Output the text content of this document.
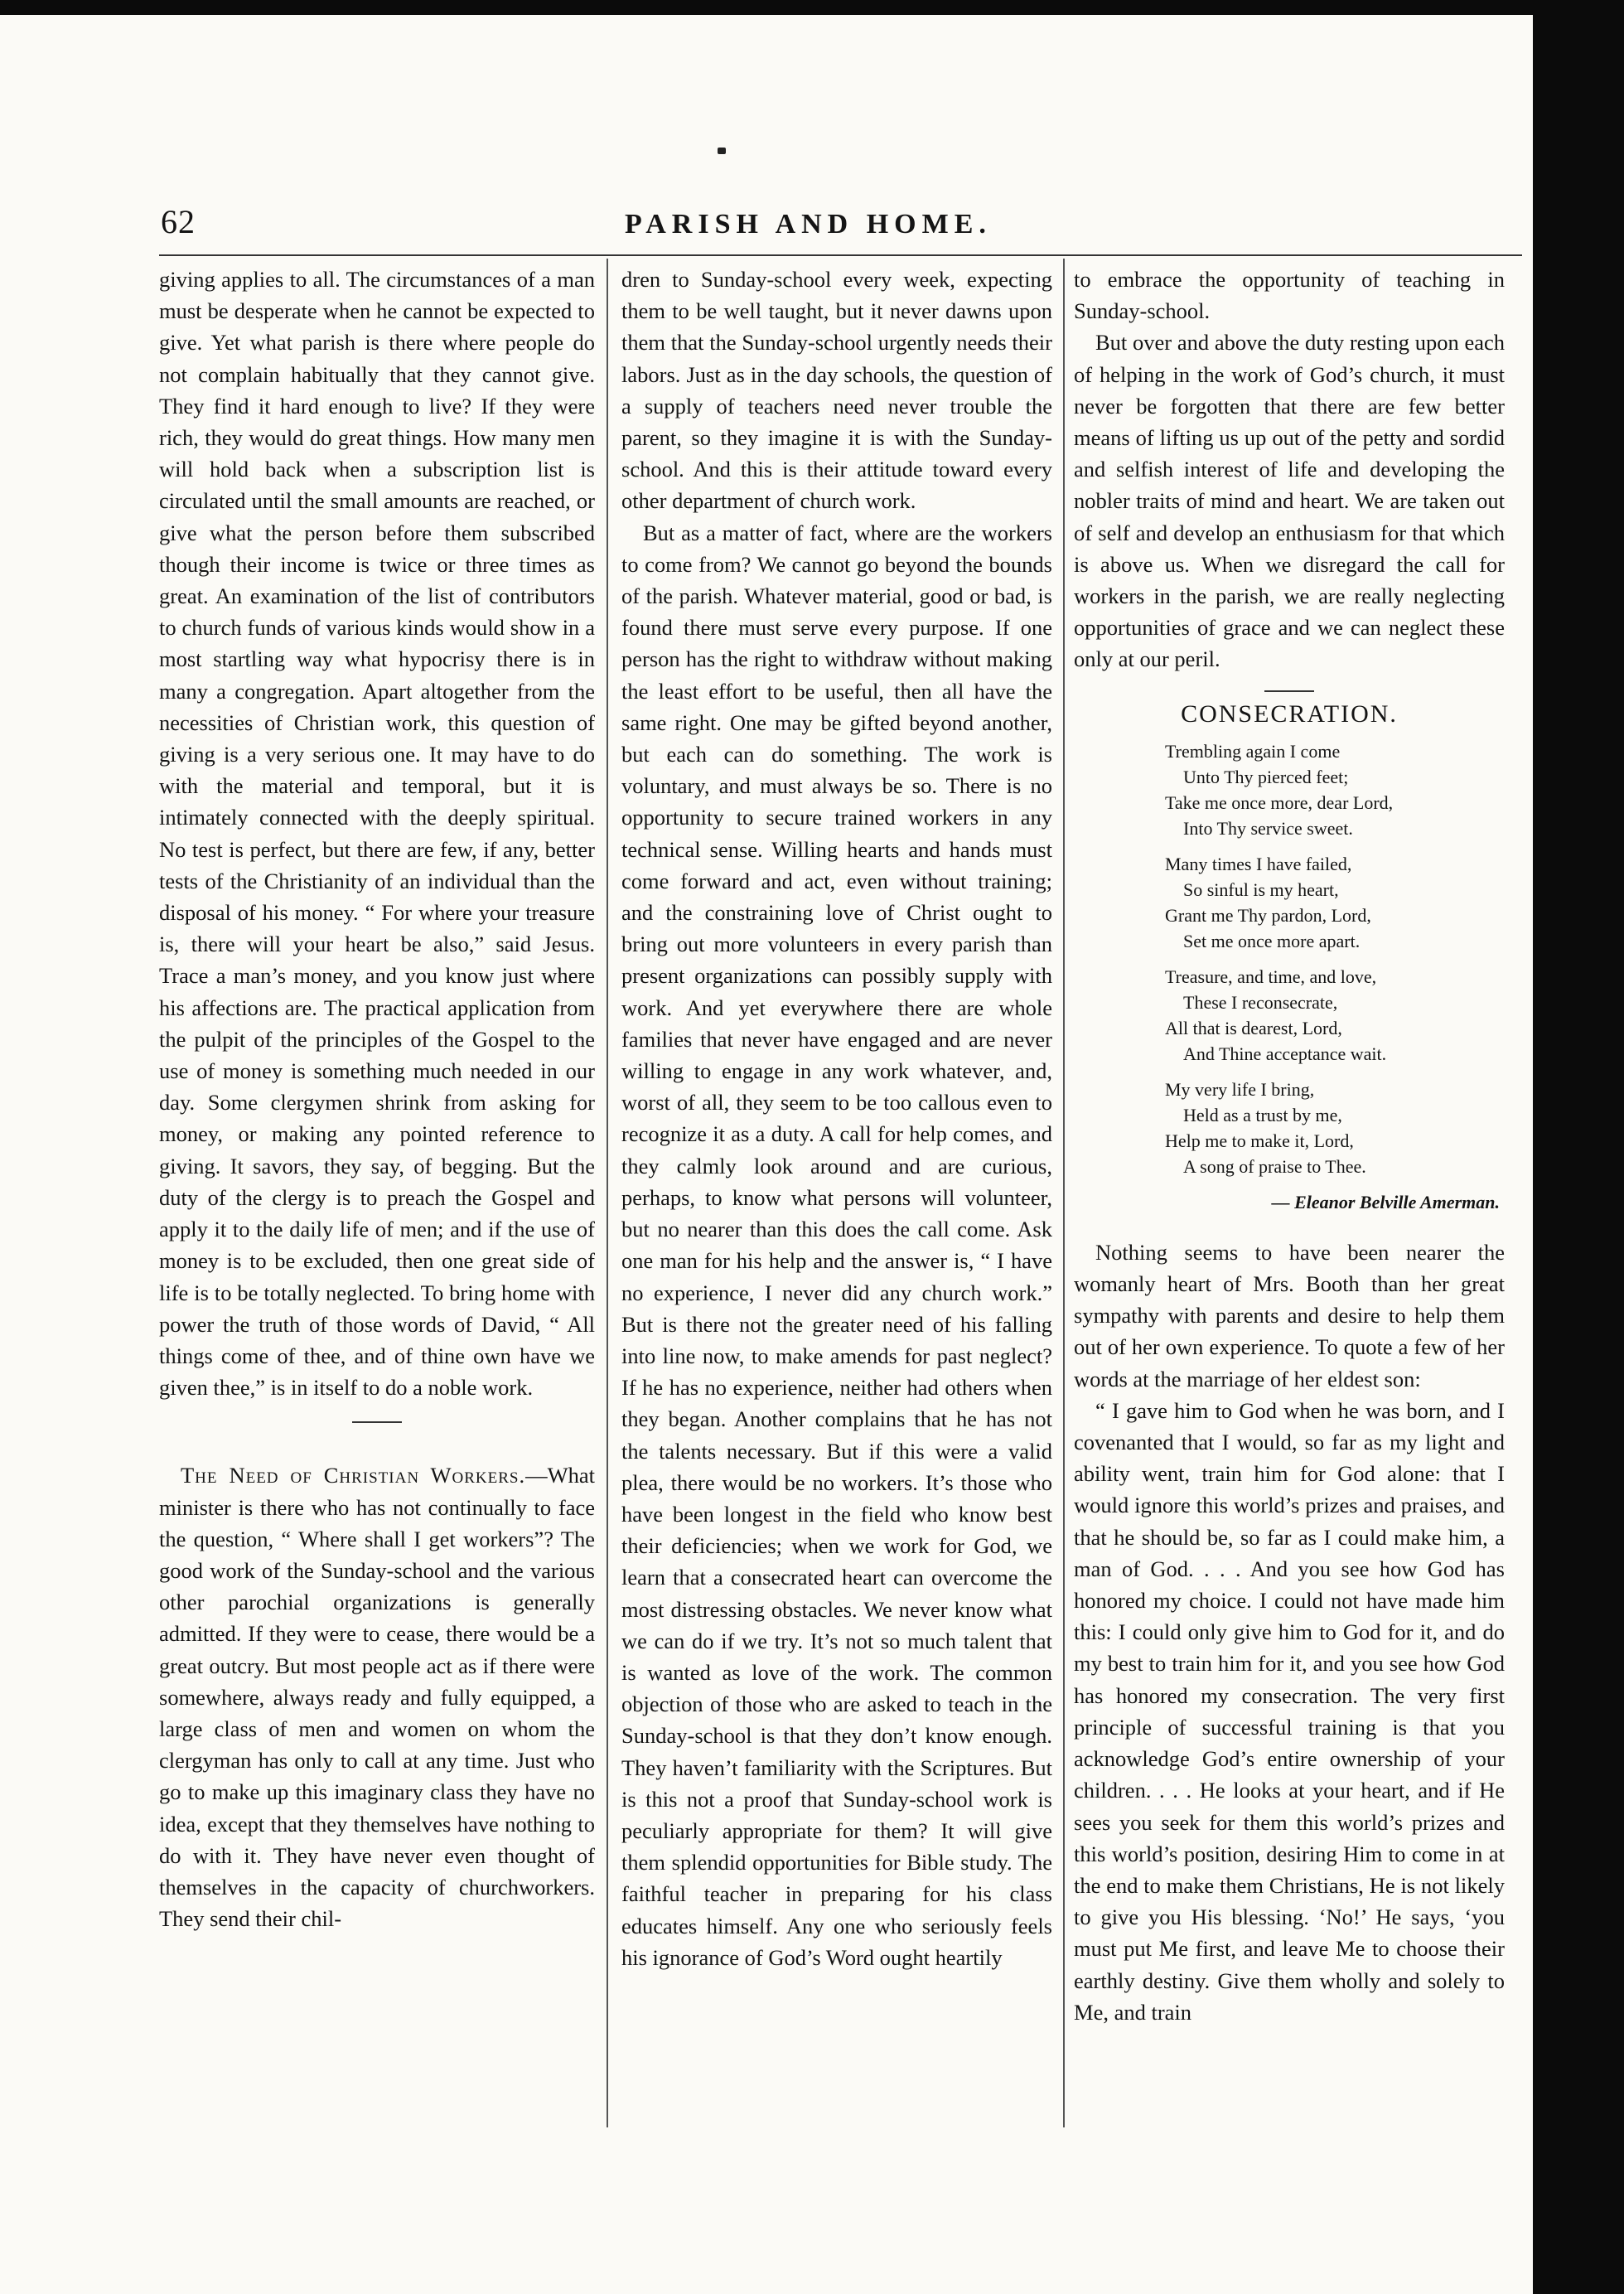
62	PARISH AND HOME.

giving applies to all. The circumstances of a man must be desperate when he cannot be expected to give. Yet what parish is there where people do not complain habitually that they cannot give. They find it hard enough to live? If they were rich, they would do great things. How many men will hold back when a subscription list is circulated until the small amounts are reached, or give what the person before them subscribed though their income is twice or three times as great. An examination of the list of contributors to church funds of various kinds would show in a most startling way what hypocrisy there is in many a congregation. Apart altogether from the necessities of Christian work, this question of giving is a very serious one. It may have to do with the material and temporal, but it is intimately connected with the deeply spiritual. No test is perfect, but there are few, if any, better tests of the Christianity of an individual than the disposal of his money. “ For where your treasure is, there will your heart be also,” said Jesus. Trace a man’s money, and you know just where his affections are. The practical application from the pulpit of the principles of the Gospel to the use of money is something much needed in our day. Some clergymen shrink from asking for money, or making any pointed reference to giving. It savors, they say, of begging. But the duty of the clergy is to preach the Gospel and apply it to the daily life of men; and if the use of money is to be excluded, then one great side of life is to be totally neglected. To bring home with power the truth of those words of David, “ All things come of thee, and of thine own have we given thee,” is in itself to do a noble work.

The Need of Christian Workers.—What minister is there who has not continually to face the question, “ Where shall I get workers”? The good work of the Sunday-school and the various other parochial organizations is generally admitted. If they were to cease, there would be a great outcry. But most people act as if there were somewhere, always ready and fully equipped, a large class of men and women on whom the clergyman has only to call at any time. Just who go to make up this imaginary class they have no idea, except that they themselves have nothing to do with it. They have never even thought of themselves in the capacity of churchworkers. They send their chil-

dren to Sunday-school every week, expecting them to be well taught, but it never dawns upon them that the Sunday-school urgently needs their labors. Just as in the day schools, the question of a supply of teachers need never trouble the parent, so they imagine it is with the Sunday-school. And this is their attitude toward every other department of church work.

But as a matter of fact, where are the workers to come from? We cannot go beyond the bounds of the parish. Whatever material, good or bad, is found there must serve every purpose. If one person has the right to withdraw without making the least effort to be useful, then all have the same right. One may be gifted beyond another, but each can do something. The work is voluntary, and must always be so. There is no opportunity to secure trained workers in any technical sense. Willing hearts and hands must come forward and act, even without training; and the constraining love of Christ ought to bring out more volunteers in every parish than present organizations can possibly supply with work. And yet everywhere there are whole families that never have engaged and are never willing to engage in any work whatever, and, worst of all, they seem to be too callous even to recognize it as a duty. A call for help comes, and they calmly look around and are curious, perhaps, to know what persons will volunteer, but no nearer than this does the call come. Ask one man for his help and the answer is, “ I have no experience, I never did any church work.” But is there not the greater need of his falling into line now, to make amends for past neglect? If he has no experience, neither had others when they began. Another complains that he has not the talents necessary. But if this were a valid plea, there would be no workers. It’s those who have been longest in the field who know best their deficiencies; when we work for God, we learn that a consecrated heart can overcome the most distressing obstacles. We never know what we can do if we try. It’s not so much talent that is wanted as love of the work. The common objection of those who are asked to teach in the Sunday-school is that they don’t know enough. They haven’t familiarity with the Scriptures. But is this not a proof that Sunday-school work is peculiarly appropriate for them? It will give them splendid opportunities for Bible study. The faithful teacher in preparing for his class educates himself. Any one who seriously feels his ignorance of God’s Word ought heartily

to embrace the opportunity of teaching in Sunday-school.

But over and above the duty resting upon each of helping in the work of God’s church, it must never be forgotten that there are few better means of lifting us up out of the petty and sordid and selfish interest of life and developing the nobler traits of mind and heart. We are taken out of self and develop an enthusiasm for that which is above us. When we disregard the call for workers in the parish, we are really neglecting opportunities of grace and we can neglect these only at our peril.

CONSECRATION.
Trembling again I come
Unto Thy pierced feet;
Take me once more, dear Lord,
Into Thy service sweet.
Many times I have failed,
So sinful is my heart,
Grant me Thy pardon, Lord,
Set me once more apart.
Treasure, and time, and love,
These I reconsecrate,
All that is dearest, Lord,
And Thine acceptance wait.
My very life I bring,
Held as a trust by me,
Help me to make it, Lord,
A song of praise to Thee.
— Eleanor Belville Amerman.

Nothing seems to have been nearer the womanly heart of Mrs. Booth than her great sympathy with parents and desire to help them out of her own experience. To quote a few of her words at the marriage of her eldest son:

“ I gave him to God when he was born, and I covenanted that I would, so far as my light and ability went, train him for God alone: that I would ignore this world’s prizes and praises, and that he should be, so far as I could make him, a man of God. . . . And you see how God has honored my choice. I could not have made him this: I could only give him to God for it, and do my best to train him for it, and you see how God has honored my consecration. The very first principle of successful training is that you acknowledge God’s entire ownership of your children. . . . He looks at your heart, and if He sees you seek for them this world’s prizes and this world’s position, desiring Him to come in at the end to make them Christians, He is not likely to give you His blessing. ‘No!’ He says, ‘you must put Me first, and leave Me to choose their earthly destiny. Give them wholly and solely to Me, and train
